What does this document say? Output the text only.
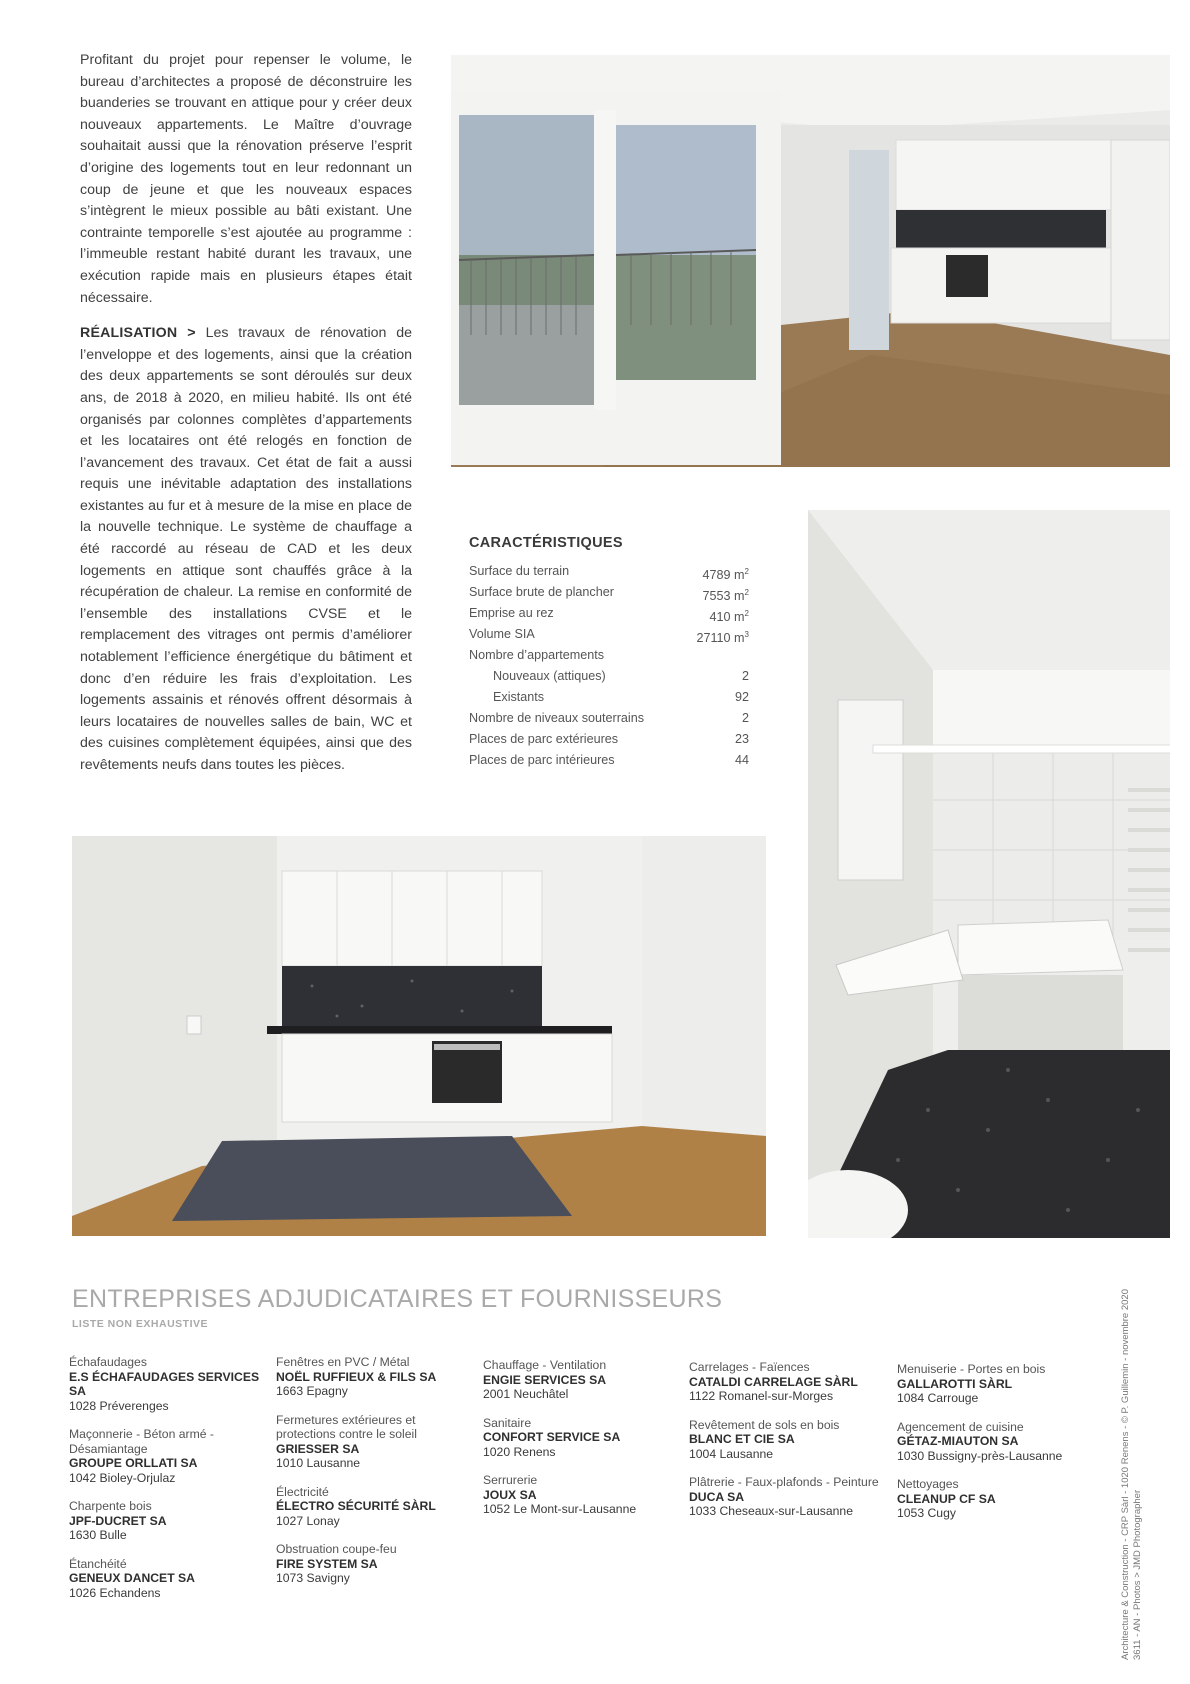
Profitant du projet pour repenser le volume, le bureau d’architectes a proposé de déconstruire les buanderies se trouvant en attique pour y créer deux nouveaux appartements. Le Maître d’ouvrage souhaitait aussi que la rénovation préserve l’esprit d’origine des logements tout en leur redonnant un coup de jeune et que les nouveaux espaces s’intègrent le mieux possible au bâti existant. Une contrainte temporelle s’est ajoutée au programme : l’immeuble restant habité durant les travaux, une exécution rapide mais en plusieurs étapes était nécessaire.

RÉALISATION > Les travaux de rénovation de l’enveloppe et des logements, ainsi que la création des deux appartements se sont déroulés sur deux ans, de 2018 à 2020, en milieu habité. Ils ont été organisés par colonnes complètes d’appartements et les locataires ont été relogés en fonction de l’avancement des travaux. Cet état de fait a aussi requis une inévitable adaptation des installations existantes au fur et à mesure de la mise en place de la nouvelle technique. Le système de chauffage a été raccordé au réseau de CAD et les deux logements en attique sont chauffés grâce à la récupération de chaleur. La remise en conformité de l’ensemble des installations CVSE et le remplacement des vitrages ont permis d’améliorer notablement l’efficience énergétique du bâtiment et donc d’en réduire les frais d’exploitation. Les logements assainis et rénovés offrent désormais à leurs locataires de nouvelles salles de bain, WC et des cuisines complètement équipées, ainsi que des revêtements neufs dans toutes les pièces.

CARACTÉRISTIQUES
Surface du terrain	4789 $m^2$
Surface brute de plancher	7553 $m^2$
Emprise au rez	410 $m^2$
Volume SIA	27110 $m^3$
Nombre d’appartements
Nouveaux (attiques)	2
Existants	92
Nombre de niveaux souterrains	2
Places de parc extérieures	23
Places de parc intérieures	44
ENTREPRISES ADJUDICATAIRES ET FOURNISSEURS
LISTE NON EXHAUSTIVE
Échafaudages
E.S ÉCHAFAUDAGES SERVICES SA
1028 Préverenges
Maçonnerie - Béton armé - Désamiantage
GROUPE ORLLATI SA
1042 Bioley-Orjulaz
Charpente bois
JPF-DUCRET SA
1630 Bulle
Étanchéité
GENEUX DANCET SA
1026 Echandens
Fenêtres en PVC / Métal
NOËL RUFFIEUX & FILS SA
1663 Epagny
Fermetures extérieures et protections contre le soleil
GRIESSER SA
1010 Lausanne
Électricité
ÉLECTRO SÉCURITÉ SÀRL
1027 Lonay
Obstruation coupe-feu
FIRE SYSTEM SA
1073 Savigny
Chauffage - Ventilation
ENGIE SERVICES SA
2001 Neuchâtel
Sanitaire
CONFORT SERVICE SA
1020 Renens
Serrurerie
JOUX SA
1052 Le Mont-sur-Lausanne
Carrelages - Faïences
CATALDI CARRELAGE SÀRL
1122 Romanel-sur-Morges
Revêtement de sols en bois
BLANC ET CIE SA
1004 Lausanne
Plâtrerie - Faux-plafonds - Peinture
DUCA SA
1033 Cheseaux-sur-Lausanne
Menuiserie - Portes en bois
GALLAROTTI SÀRL
1084 Carrouge
Agencement de cuisine
GÉTAZ-MIAUTON SA
1030 Bussigny-près-Lausanne
Nettoyages
CLEANUP CF SA
1053 Cugy	Architecture & Construction - CRP Sàrl - 1020 Renens - © P. Guillemin - novembre 2020 3611 - AN - Photos > JMD Photographer
